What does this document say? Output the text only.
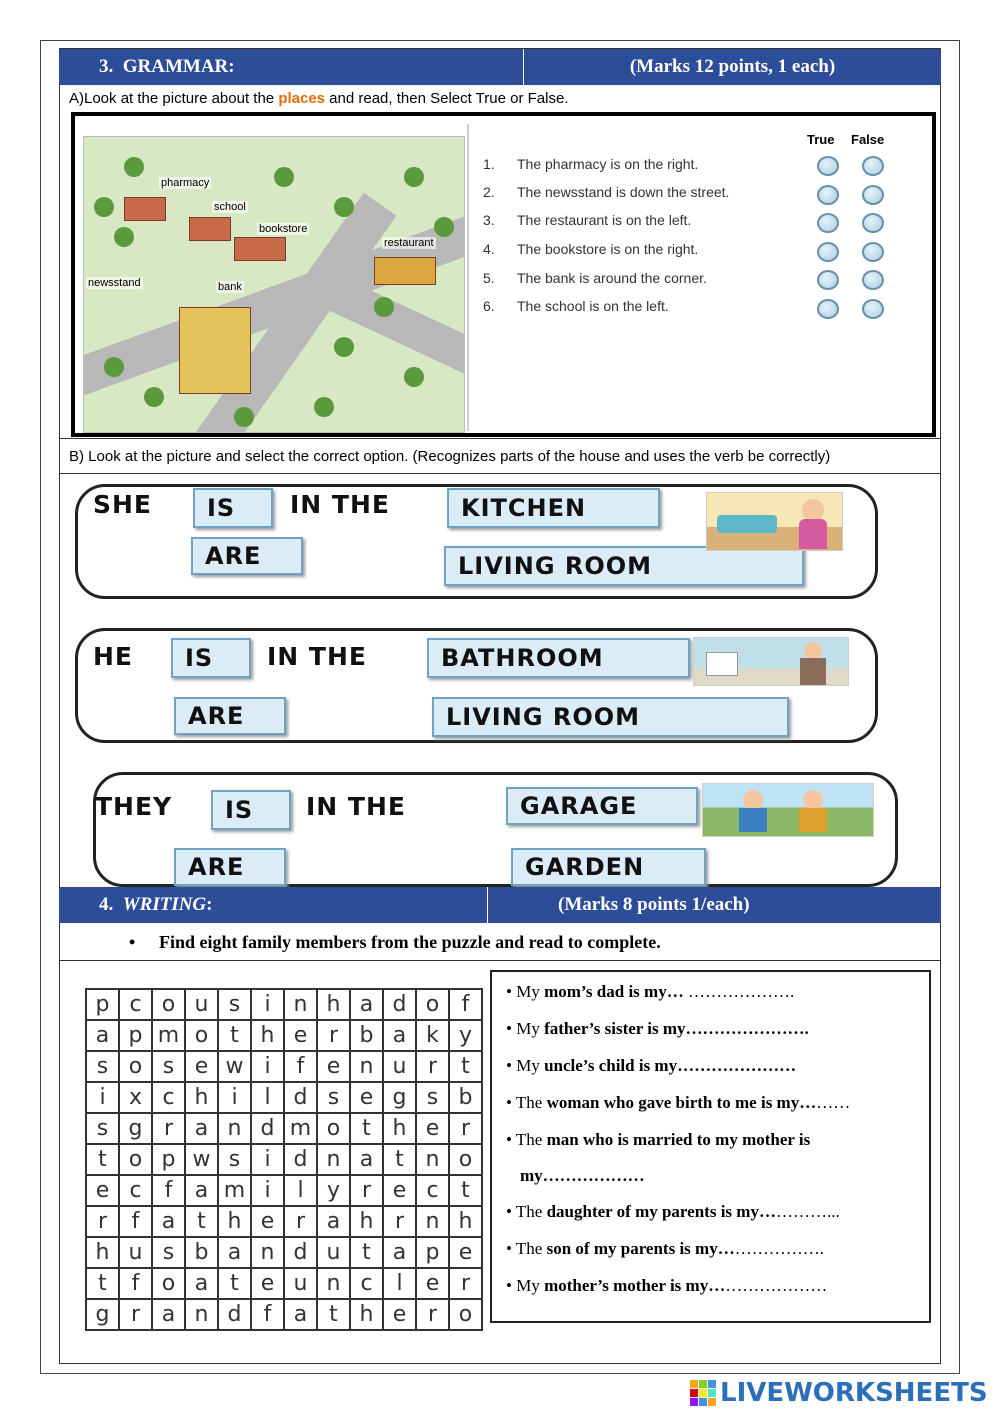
3.
GRAMMAR:	(Marks 12 points, 1 each)
A)Look at the picture about the places and read, then Select True or False.
pharmacy
school
bookstore
restaurant
newsstand	bank
True False
1.	The pharmacy is on the right.
2.	The newsstand is down the street.
3.	The restaurant is on the left.
4.	The bookstore is on the right.
5.	The bank is around the corner.
6.	The school is on the left.
B) Look at the picture and select the correct option. (Recognizes parts of the house and uses the verb be correctly)
SHE	IS	IN THE	KITCHEN
ARE	LIVING ROOM
HE	IS	IN THE	BATHROOM
ARE	LIVING ROOM
THEY	IS	IN THE	GARAGE
ARE	GARDEN
4.
WRITING :	(Marks 8 points 1/each)
• Find eight family members from the puzzle and read to complete.
p	c	o	u	s	i	n	h	a	d	o	f
a	p	m	o	t	h	e	r	b	a	k	y
s	o	s	e	w	i	f	e	n	u	r	t
i	x	c	h	i	l	d	s	e	g	s	b
s	g	r	a	n	d	m	o	t	h	e	r
t	o	p	w	s	i	d	n	a	t	n	o
e	c	f	a	m	i	l	y	r	e	c	t
r	f	a	t	h	e	r	a	h	r	n	h
h	u	s	b	a	n	d	u	t	a	p	e
t	f	o	a	t	e	u	n	c	l	e	r
g	r	a	n	d	f	a	t	h	e	r	o
• My mom’s dad is my… ……………….
• My father’s sister is my………………….
• My uncle’s child is my…………………
• The woman who gave birth to me is my………
• The man who is married to my mother is
my………………
• The daughter of my parents is my…………...
• The son of my parents is my……………….
• My mother’s mother is my…………………
LIVEWORKSHEETS
